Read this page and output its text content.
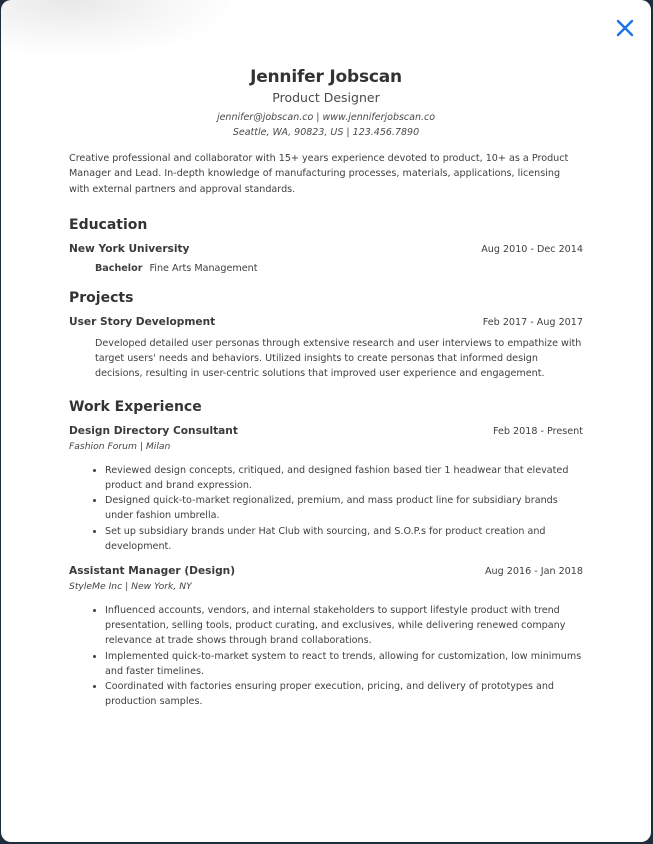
Jennifer Jobscan
Product Designer
jennifer@jobscan.co | www.jenniferjobscan.co
Seattle, WA, 90823, US | 123.456.7890
Creative professional and collaborator with 15+ years experience devoted to product, 10+ as a Product Manager and Lead. In-depth knowledge of manufacturing processes, materials, applications, licensing with external partners and approval standards.
Education
New York University	Aug 2010 - Dec 2014
Bachelor Fine Arts Management
Projects
User Story Development	Feb 2017 - Aug 2017
Developed detailed user personas through extensive research and user interviews to empathize with target users' needs and behaviors. Utilized insights to create personas that informed design decisions, resulting in user-centric solutions that improved user experience and engagement.
Work Experience
Design Directory Consultant	Feb 2018 - Present
Fashion Forum | Milan
• Reviewed design concepts, critiqued, and designed fashion based tier 1 headwear that elevated product and brand expression.
• Designed quick-to-market regionalized, premium, and mass product line for subsidiary brands under fashion umbrella.
• Set up subsidiary brands under Hat Club with sourcing, and S.O.P.s for product creation and development.
Assistant Manager (Design)	Aug 2016 - Jan 2018
StyleMe Inc | New York, NY
• Influenced accounts, vendors, and internal stakeholders to support lifestyle product with trend presentation, selling tools, product curating, and exclusives, while delivering renewed company relevance at trade shows through brand collaborations.
• Implemented quick-to-market system to react to trends, allowing for customization, low minimums and faster timelines.
• Coordinated with factories ensuring proper execution, pricing, and delivery of prototypes and production samples.
